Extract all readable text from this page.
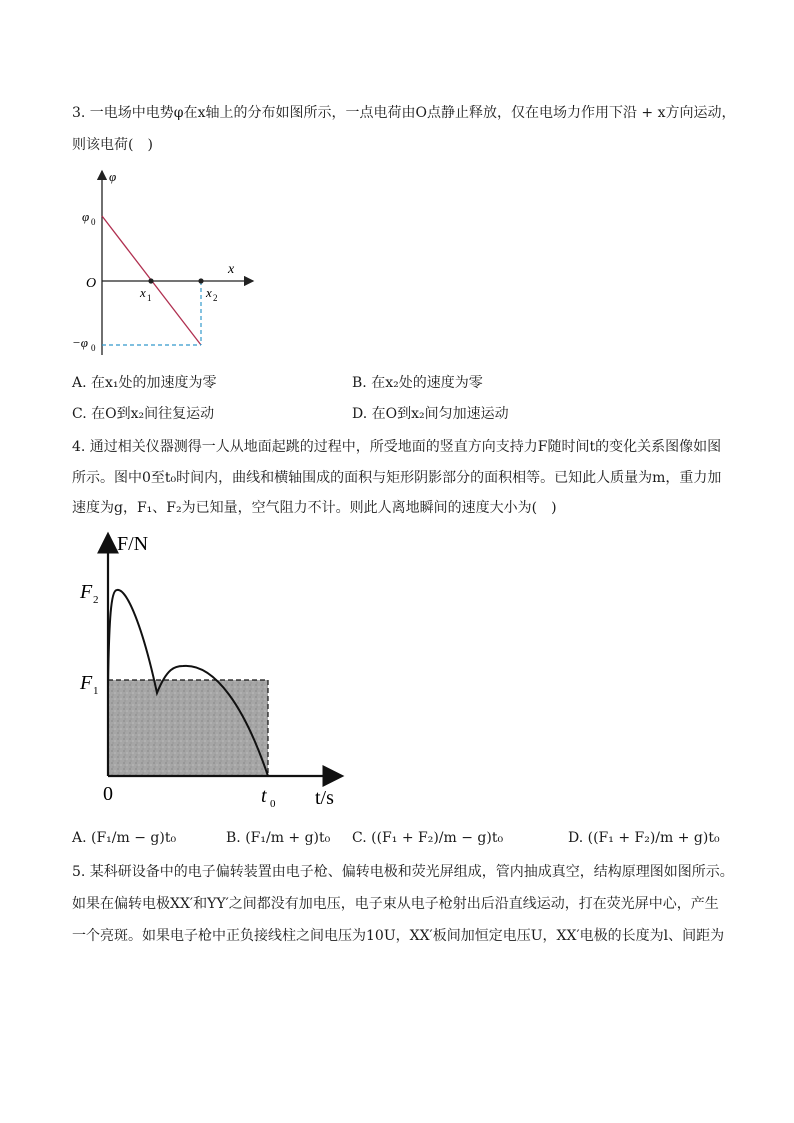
3. 一电场中电势φ在x轴上的分布如图所示，一点电荷由O点静止释放，仅在电场力作用下沿 + x方向运动，
则该电荷(　)
φ
x
O
φ 0
−φ 0
x 1	x 2
A. 在x₁处的加速度为零	B. 在x₂处的速度为零
C. 在O到x₂间往复运动	D. 在O到x₂间匀加速运动
4. 通过相关仪器测得一人从地面起跳的过程中，所受地面的竖直方向支持力F随时间t的变化关系图像如图
所示。图中0至t₀时间内，曲线和横轴围成的面积与矩形阴影部分的面积相等。已知此人质量为m，重力加
速度为g，F₁、F₂为已知量，空气阻力不计。则此人离地瞬间的速度大小为(　)
F/N
t/s
F 2
F 1
0	t 0
A. (F₁/m − g)t₀	B. (F₁/m + g)t₀ C. ((F₁ + F₂)/m − g)t₀	D. ((F₁ + F₂)/m + g)t₀
5. 某科研设备中的电子偏转装置由电子枪、偏转电极和荧光屏组成，管内抽成真空，结构原理图如图所示。
如果在偏转电极XX′和YY′之间都没有加电压，电子束从电子枪射出后沿直线运动，打在荧光屏中心，产生
一个亮斑。如果电子枪中正负接线柱之间电压为10U，XX′板间加恒定电压U，XX′电极的长度为l、间距为
